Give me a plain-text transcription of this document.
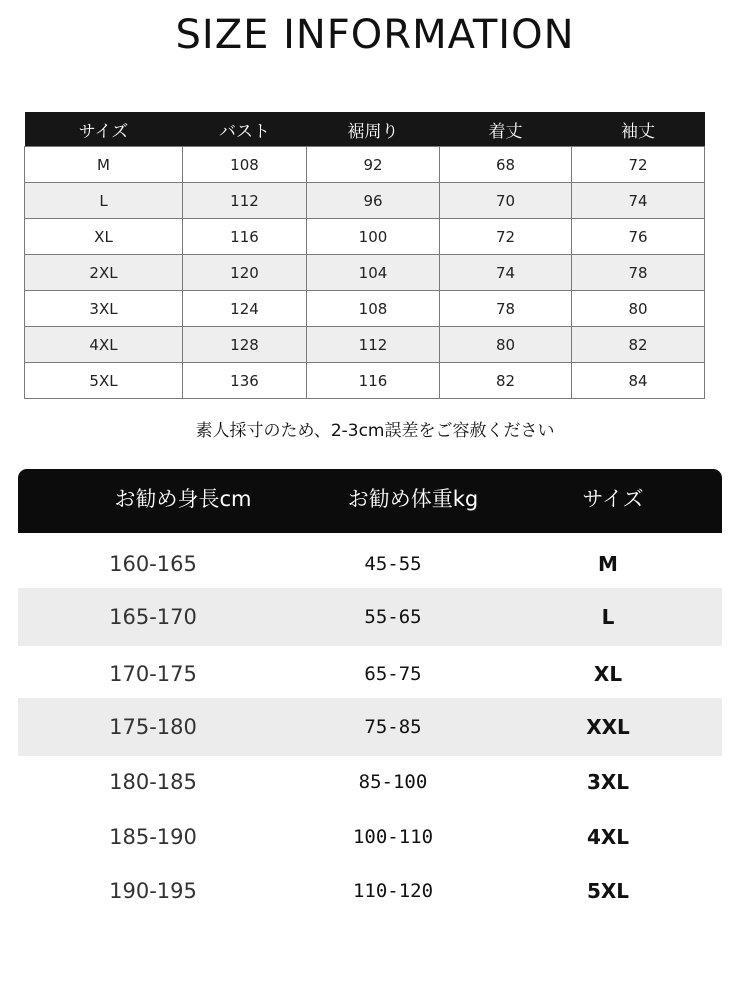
SIZE INFORMATION
サイズ	バスト	裾周り	着丈	袖丈
M	108	92	68	72
L	112	96	70	74
XL	116	100	72	76
2XL	120	104	74	78
3XL	124	108	78	80
4XL	128	112	80	82
5XL	136	116	82	84
素人採寸のため、2-3cm誤差をご容赦ください
お勧め身長cm	お勧め体重kg	サイズ
160-165	45-55	M
165-170	55-65	L
170-175	65-75	XL
175-180	75-85	XXL
180-185	85-100	3XL
185-190	100-110	4XL
190-195	110-120	5XL
